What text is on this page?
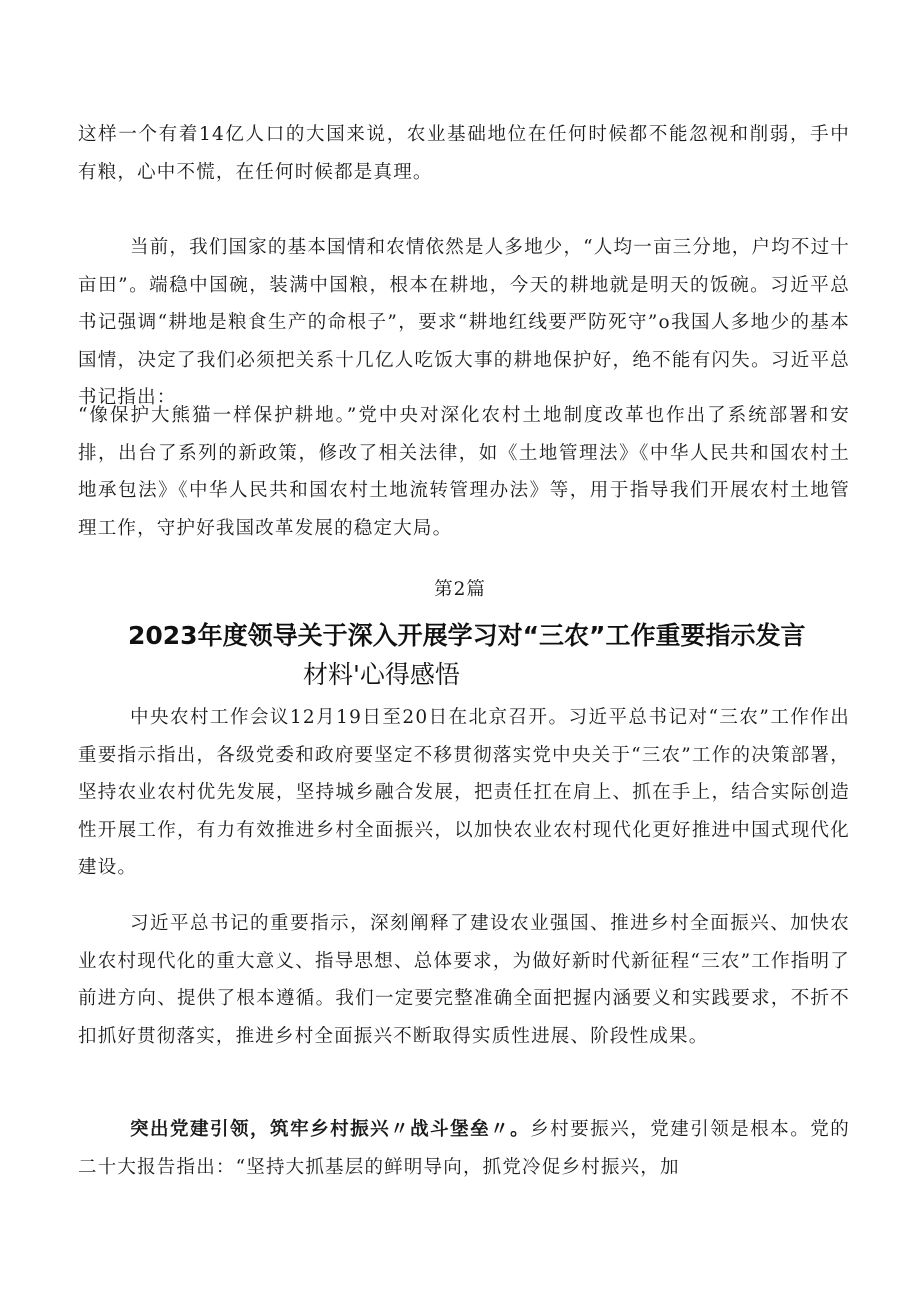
这样一个有着14亿人口的大国来说，农业基础地位在任何时候都不能忽视和削弱，手中有粮，心中不慌，在任何时候都是真理。

当前，我们国家的基本国情和农情依然是人多地少，“人均一亩三分地，户均不过十亩田”。端稳中国碗，装满中国粮，根本在耕地，今天的耕地就是明天的饭碗。习近平总书记强调“耕地是粮食生产的命根子”，要求“耕地红线要严防死守”o我国人多地少的基本国情，决定了我们必须把关系十几亿人吃饭大事的耕地保护好，绝不能有闪失。习近平总书记指出：

“像保护大熊猫一样保护耕地。”党中央对深化农村土地制度改革也作出了系统部署和安排，出台了系列的新政策，修改了相关法律，如《土地管理法》《中华人民共和国农村土地承包法》《中华人民共和国农村土地流转管理办法》等，用于指导我们开展农村土地管理工作，守护好我国改革发展的稳定大局。

第2篇
2023年度领导关于深入开展学习对“三农”工作重要指示发言
材料'心得感悟

中央农村工作会议12月19日至20日在北京召开。习近平总书记对“三农”工作作出重要指示指出，各级党委和政府要坚定不移贯彻落实党中央关于“三农”工作的决策部署，坚持农业农村优先发展，坚持城乡融合发展，把责任扛在肩上、抓在手上，结合实际创造性开展工作，有力有效推进乡村全面振兴，以加快农业农村现代化更好推进中国式现代化建设。

习近平总书记的重要指示，深刻阐释了建设农业强国、推进乡村全面振兴、加快农业农村现代化的重大意义、指导思想、总体要求，为做好新时代新征程“三农”工作指明了前进方向、提供了根本遵循。我们一定要完整准确全面把握内涵要义和实践要求，不折不扣抓好贯彻落实，推进乡村全面振兴不断取得实质性进展、阶段性成果。

突出党建引领，筑牢乡村振兴〃战斗堡垒〃。乡村要振兴，党建引领是根本。党的二十大报告指出：“坚持大抓基层的鲜明导向，抓党冷促乡村振兴，加
